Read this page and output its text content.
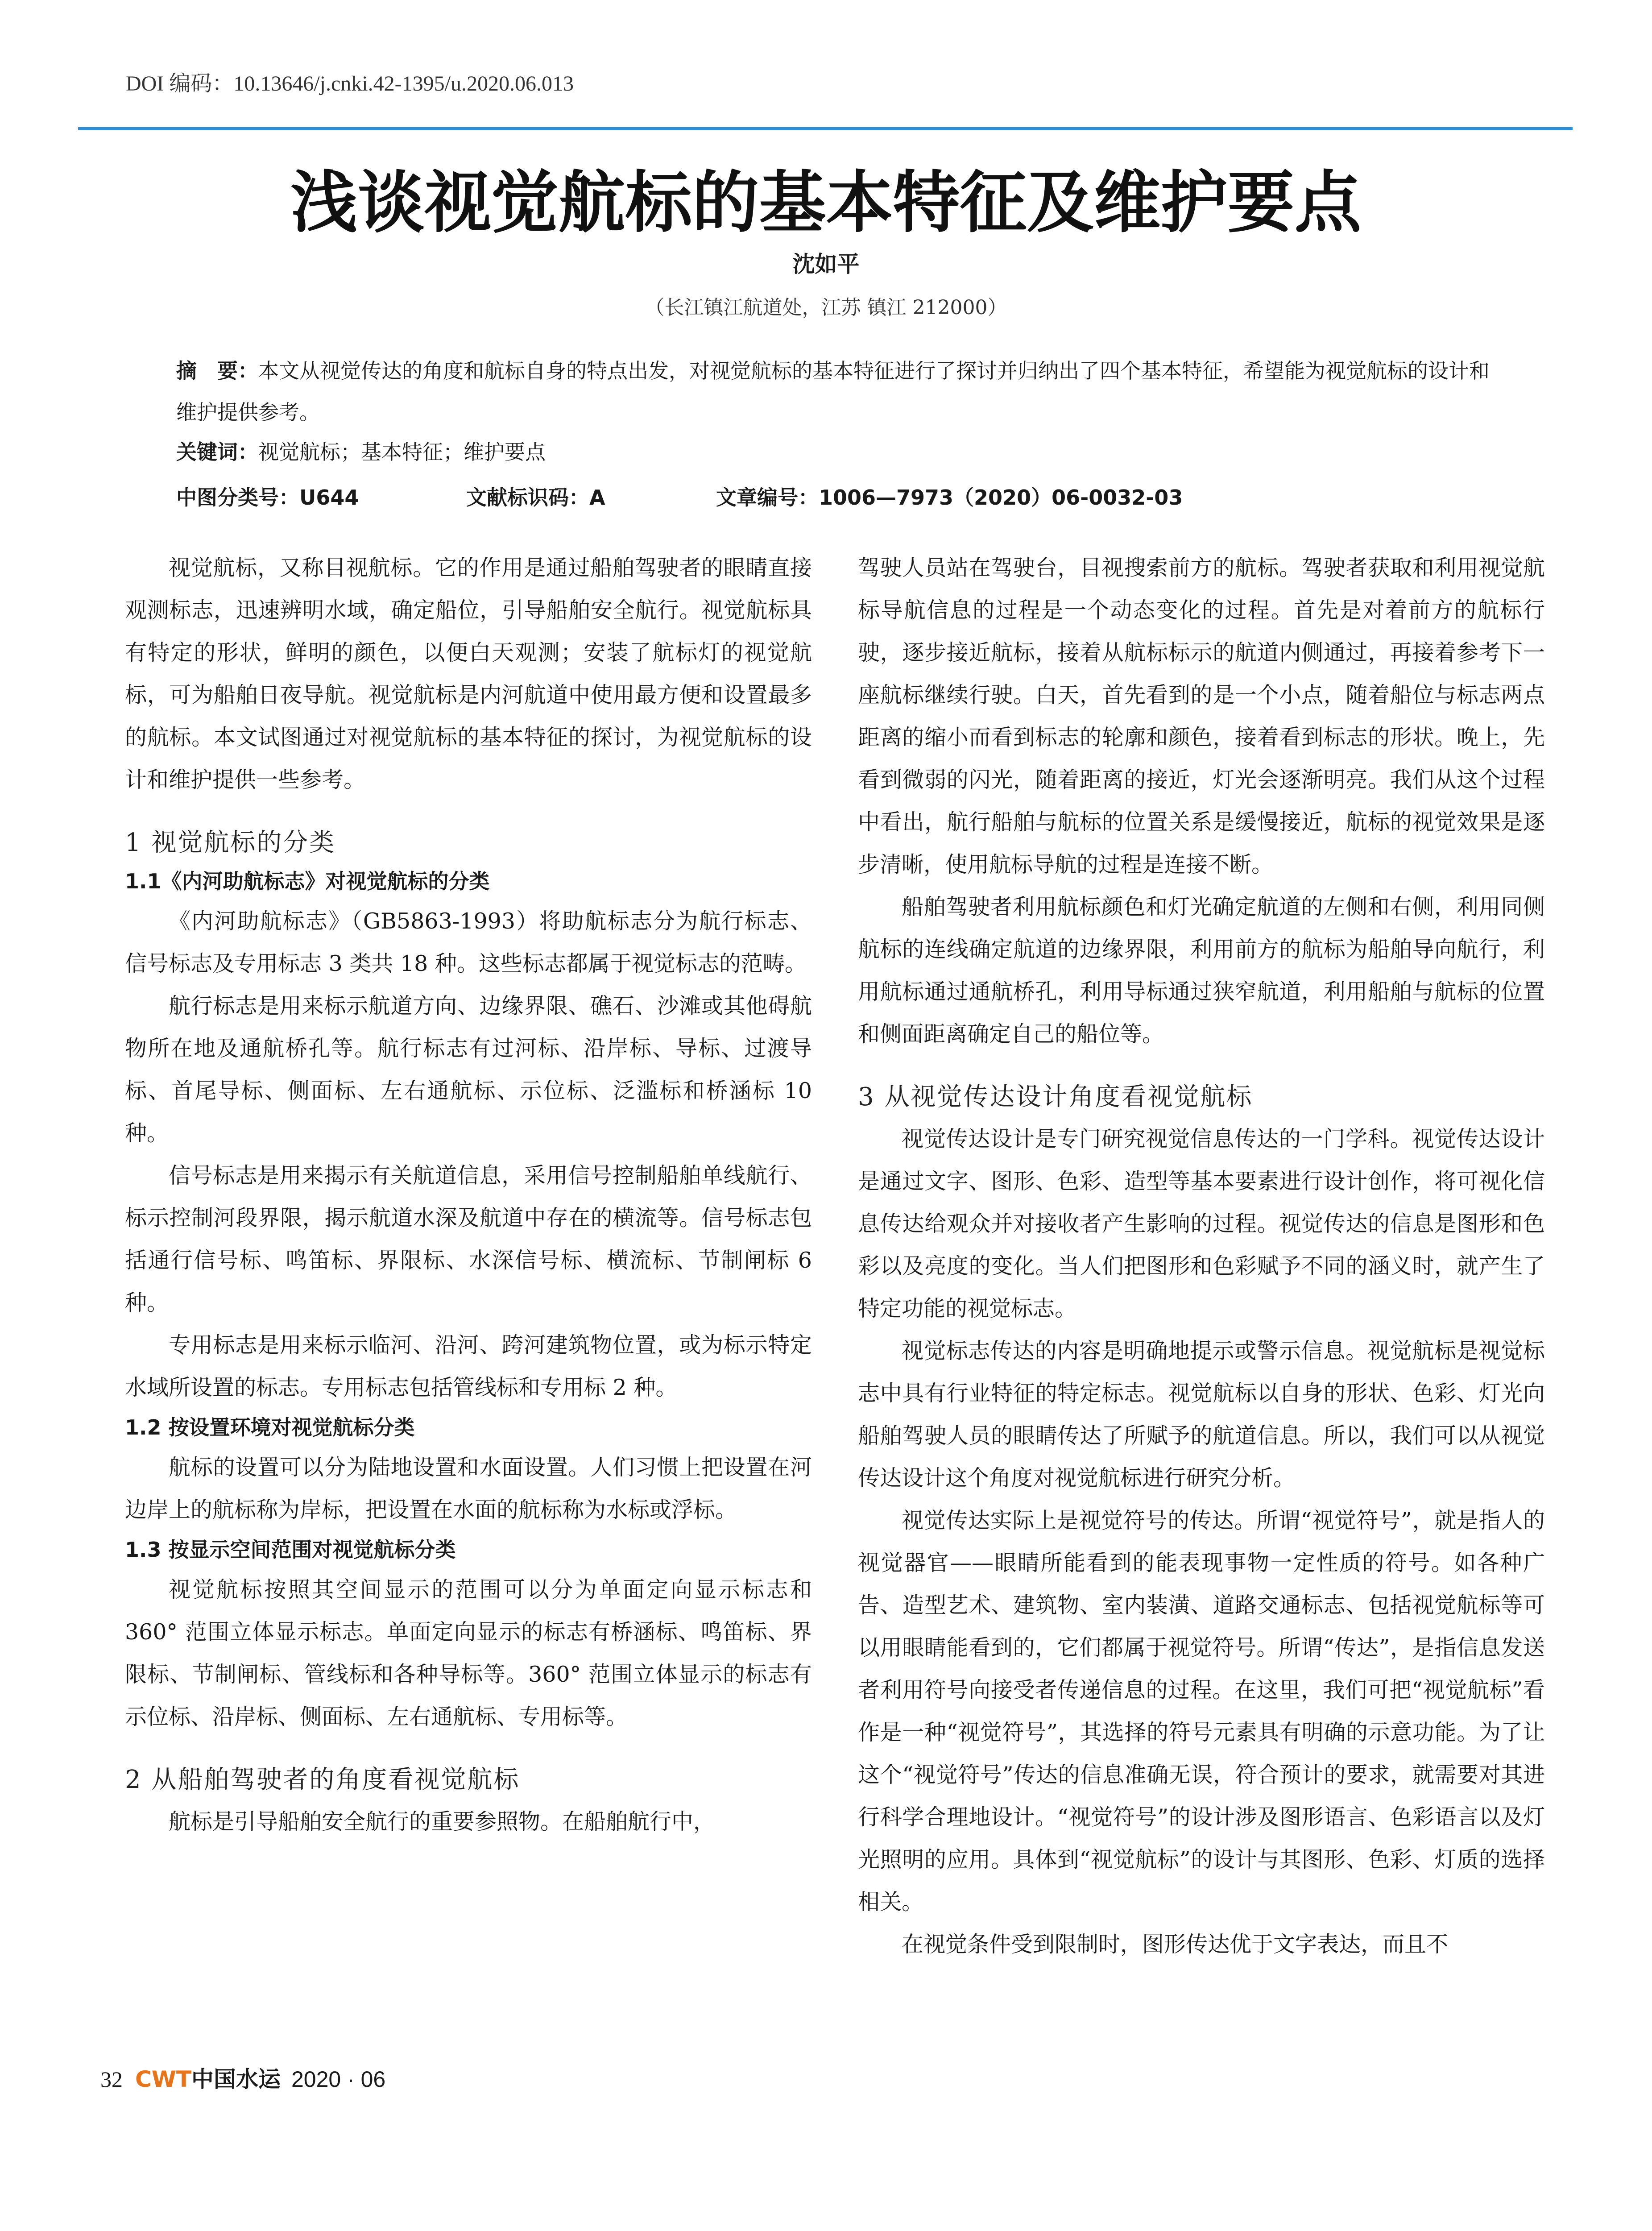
DOI 编码：10.13646/j.cnki.42-1395/u.2020.06.013
浅谈视觉航标的基本特征及维护要点
沈如平
（长江镇江航道处，江苏 镇江 212000）
摘　要：本文从视觉传达的角度和航标自身的特点出发，对视觉航标的基本特征进行了探讨并归纳出了四个基本特征，希望能为视觉航标的设计和维护提供参考。
关键词：视觉航标；基本特征；维护要点
中图分类号：U644	文献标识码：A	文章编号：1006—7973（2020）06-0032-03

视觉航标，又称目视航标。它的作用是通过船舶驾驶者的眼睛直接观测标志，迅速辨明水域，确定船位，引导船舶安全航行。视觉航标具有特定的形状，鲜明的颜色，以便白天观测；安装了航标灯的视觉航标，可为船舶日夜导航。视觉航标是内河航道中使用最方便和设置最多的航标。本文试图通过对视觉航标的基本特征的探讨，为视觉航标的设计和维护提供一些参考。

1 视觉航标的分类
1.1《内河助航标志》对视觉航标的分类

《内河助航标志》（GB5863-1993）将助航标志分为航行标志、信号标志及专用标志 3 类共 18 种。这些标志都属于视觉标志的范畴。

航行标志是用来标示航道方向、边缘界限、礁石、沙滩或其他碍航物所在地及通航桥孔等。航行标志有过河标、沿岸标、导标、过渡导标、首尾导标、侧面标、左右通航标、示位标、泛滥标和桥涵标 10 种。

信号标志是用来揭示有关航道信息，采用信号控制船舶单线航行、标示控制河段界限，揭示航道水深及航道中存在的横流等。信号标志包括通行信号标、鸣笛标、界限标、水深信号标、横流标、节制闸标 6 种。

专用标志是用来标示临河、沿河、跨河建筑物位置，或为标示特定水域所设置的标志。专用标志包括管线标和专用标 2 种。

1.2 按设置环境对视觉航标分类

航标的设置可以分为陆地设置和水面设置。人们习惯上把设置在河边岸上的航标称为岸标，把设置在水面的航标称为水标或浮标。

1.3 按显示空间范围对视觉航标分类

视觉航标按照其空间显示的范围可以分为单面定向显示标志和 360° 范围立体显示标志。单面定向显示的标志有桥涵标、鸣笛标、界限标、节制闸标、管线标和各种导标等。360° 范围立体显示的标志有示位标、沿岸标、侧面标、左右通航标、专用标等。

2 从船舶驾驶者的角度看视觉航标

航标是引导船舶安全航行的重要参照物。在船舶航行中，

驾驶人员站在驾驶台，目视搜索前方的航标。驾驶者获取和利用视觉航标导航信息的过程是一个动态变化的过程。首先是对着前方的航标行驶，逐步接近航标，接着从航标标示的航道内侧通过，再接着参考下一座航标继续行驶。白天，首先看到的是一个小点，随着船位与标志两点距离的缩小而看到标志的轮廓和颜色，接着看到标志的形状。晚上，先看到微弱的闪光，随着距离的接近，灯光会逐渐明亮。我们从这个过程中看出，航行船舶与航标的位置关系是缓慢接近，航标的视觉效果是逐步清晰，使用航标导航的过程是连接不断。

船舶驾驶者利用航标颜色和灯光确定航道的左侧和右侧，利用同侧航标的连线确定航道的边缘界限，利用前方的航标为船舶导向航行，利用航标通过通航桥孔，利用导标通过狭窄航道，利用船舶与航标的位置和侧面距离确定自己的船位等。

3 从视觉传达设计角度看视觉航标

视觉传达设计是专门研究视觉信息传达的一门学科。视觉传达设计是通过文字、图形、色彩、造型等基本要素进行设计创作，将可视化信息传达给观众并对接收者产生影响的过程。视觉传达的信息是图形和色彩以及亮度的变化。当人们把图形和色彩赋予不同的涵义时，就产生了特定功能的视觉标志。

视觉标志传达的内容是明确地提示或警示信息。视觉航标是视觉标志中具有行业特征的特定标志。视觉航标以自身的形状、色彩、灯光向船舶驾驶人员的眼睛传达了所赋予的航道信息。所以，我们可以从视觉传达设计这个角度对视觉航标进行研究分析。

视觉传达实际上是视觉符号的传达。所谓“视觉符号”，就是指人的视觉器官——眼睛所能看到的能表现事物一定性质的符号。如各种广告、造型艺术、建筑物、室内装潢、道路交通标志、包括视觉航标等可以用眼睛能看到的，它们都属于视觉符号。所谓“传达”，是指信息发送者利用符号向接受者传递信息的过程。在这里，我们可把“视觉航标”看作是一种“视觉符号”，其选择的符号元素具有明确的示意功能。为了让这个“视觉符号”传达的信息准确无误，符合预计的要求，就需要对其进行科学合理地设计。“视觉符号”的设计涉及图形语言、色彩语言以及灯光照明的应用。具体到“视觉航标”的设计与其图形、色彩、灯质的选择相关。

在视觉条件受到限制时，图形传达优于文字表达，而且不

32 CWT中国水运 2020 · 06
